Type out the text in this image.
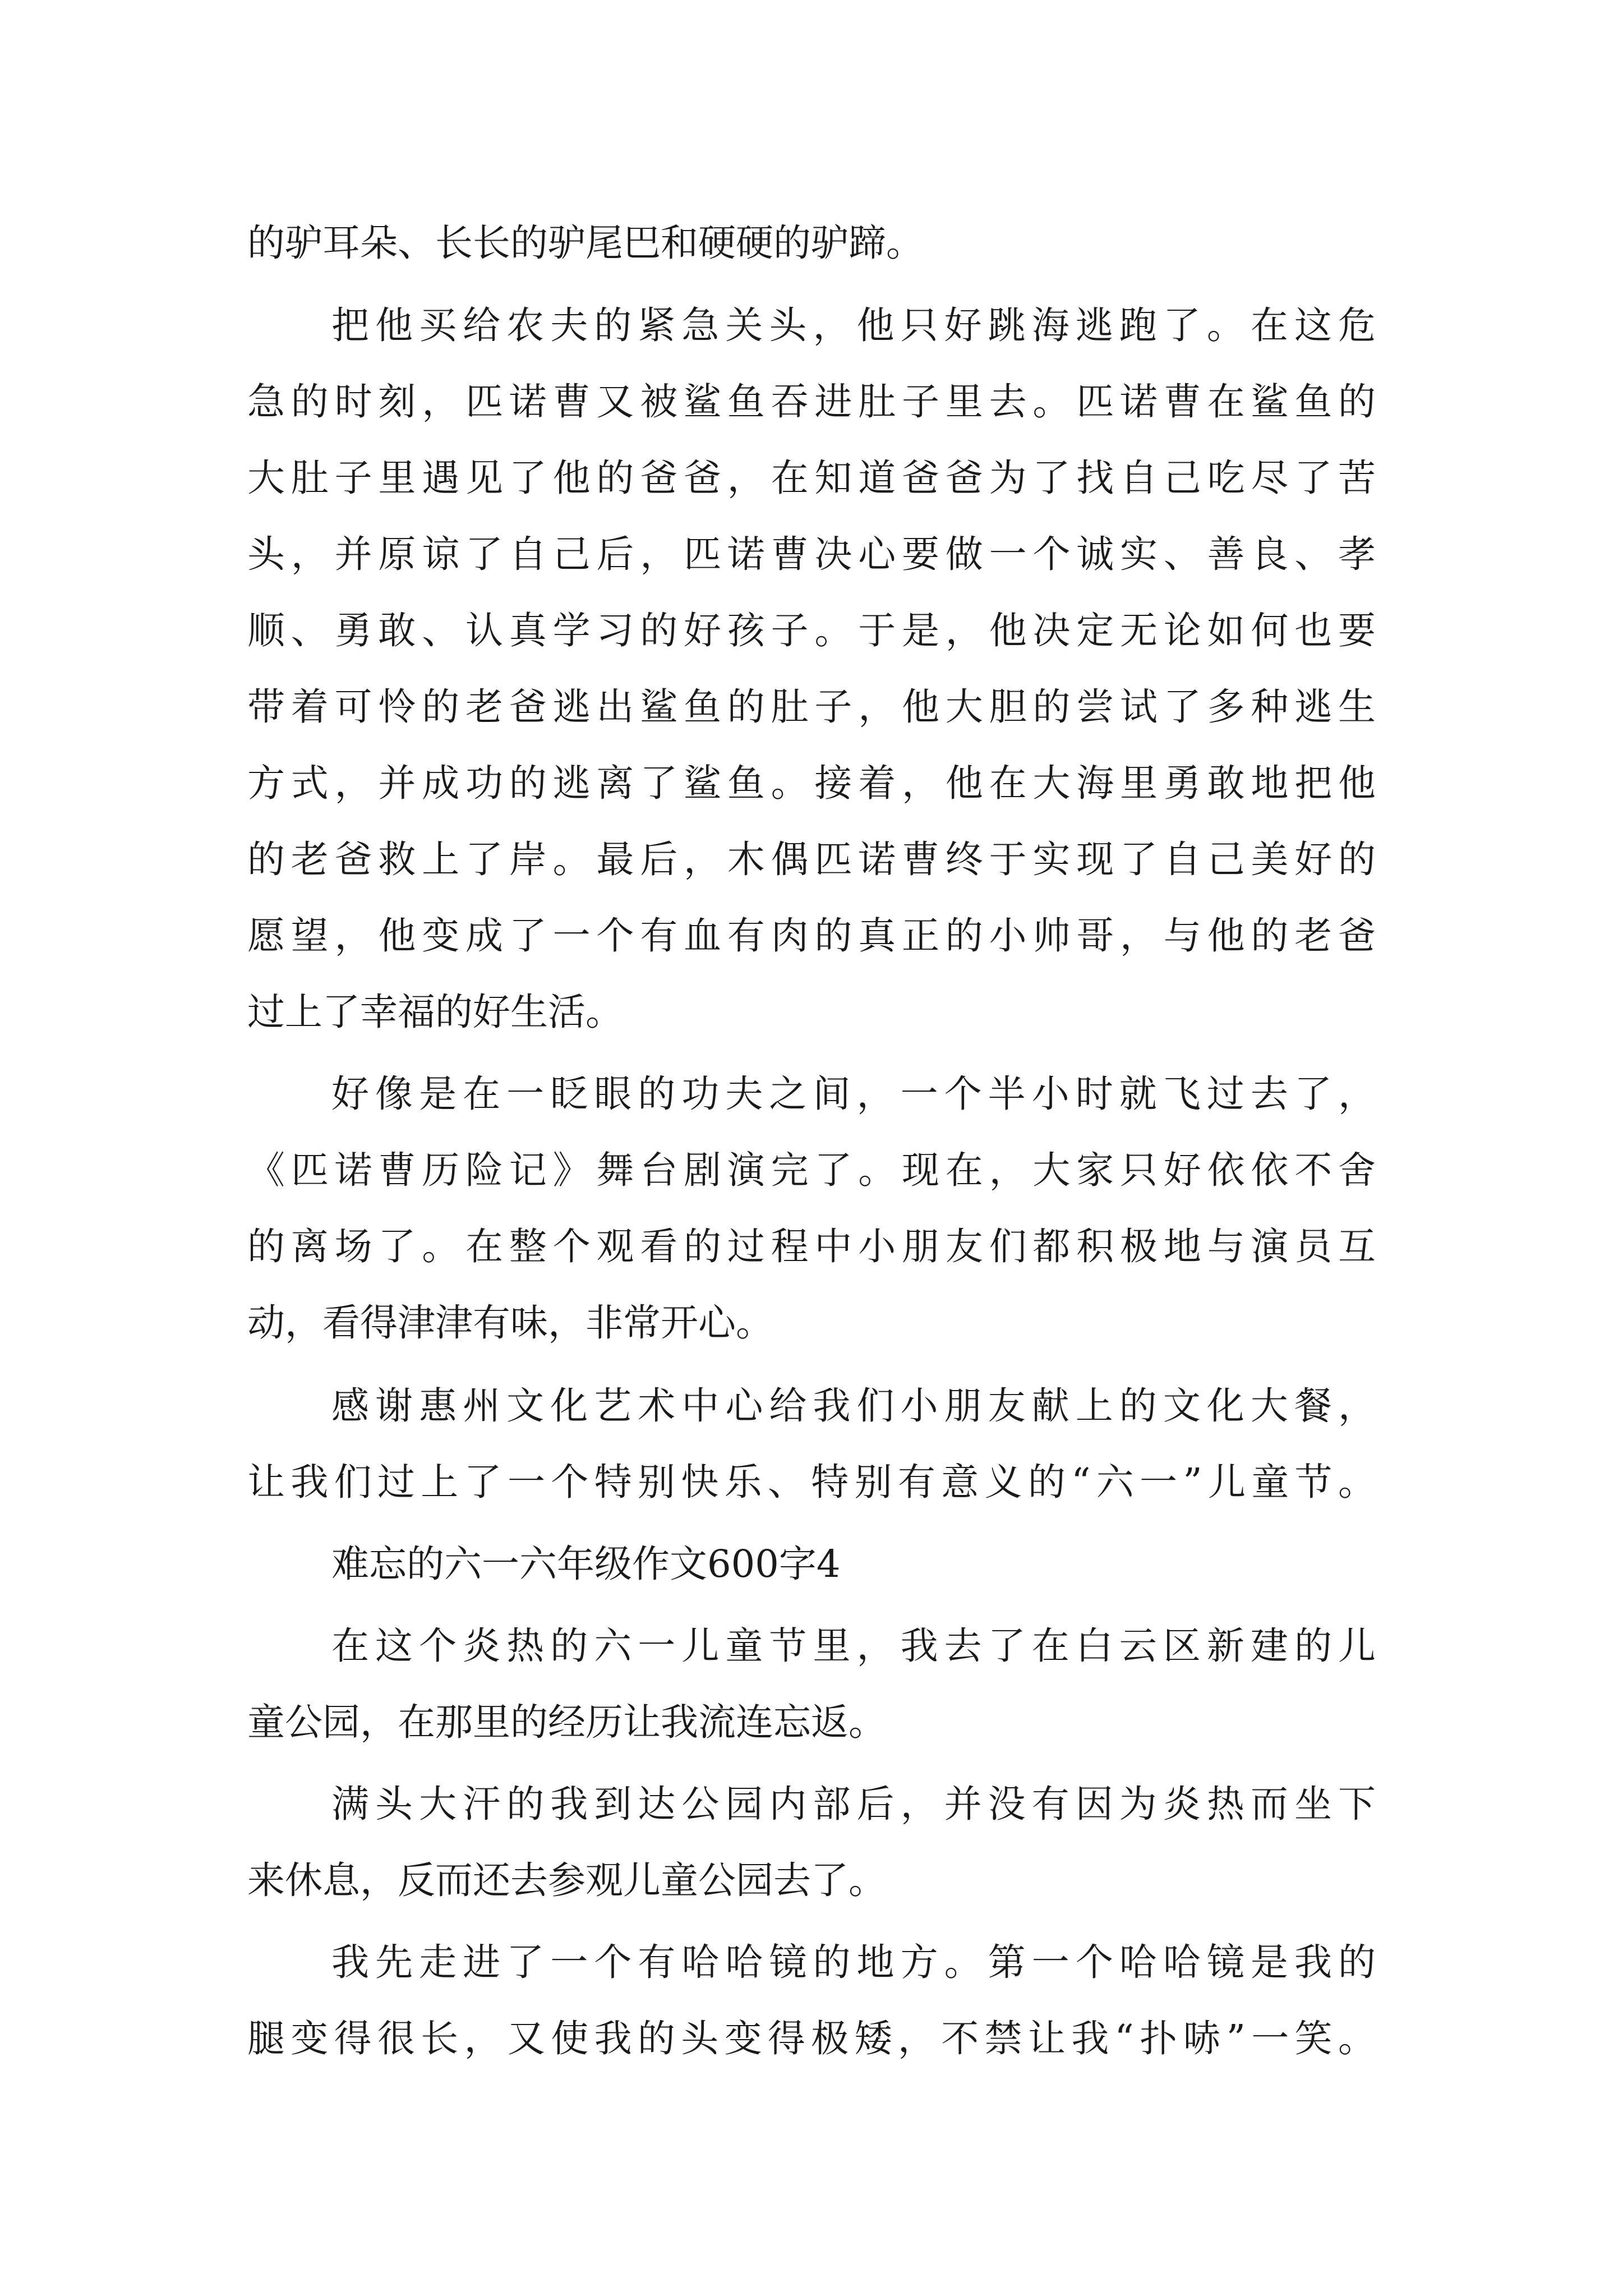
的驴耳朵、长长的驴尾巴和硬硬的驴蹄。
把他买给农夫的紧急关头，他只好跳海逃跑了。在这危
急的时刻，匹诺曹又被鲨鱼吞进肚子里去。匹诺曹在鲨鱼的
大肚子里遇见了他的爸爸，在知道爸爸为了找自己吃尽了苦
头，并原谅了自己后，匹诺曹决心要做一个诚实、善良、孝
顺、勇敢、认真学习的好孩子。于是，他决定无论如何也要
带着可怜的老爸逃出鲨鱼的肚子，他大胆的尝试了多种逃生
方式，并成功的逃离了鲨鱼。接着，他在大海里勇敢地把他
的老爸救上了岸。最后，木偶匹诺曹终于实现了自己美好的
愿望，他变成了一个有血有肉的真正的小帅哥，与他的老爸
过上了幸福的好生活。
好像是在一眨眼的功夫之间，一个半小时就飞过去了，
《匹诺曹历险记》舞台剧演完了。现在，大家只好依依不舍
的离场了。在整个观看的过程中小朋友们都积极地与演员互
动，看得津津有味，非常开心。
感谢惠州文化艺术中心给我们小朋友献上的文化大餐，
让我们过上了一个特别快乐、特别有意义的“六一”儿童节。
难忘的六一六年级作文600字4
在这个炎热的六一儿童节里，我去了在白云区新建的儿
童公园，在那里的经历让我流连忘返。
满头大汗的我到达公园内部后，并没有因为炎热而坐下
来休息，反而还去参观儿童公园去了。
我先走进了一个有哈哈镜的地方。第一个哈哈镜是我的
腿变得很长，又使我的头变得极矮，不禁让我“扑哧”一笑。
